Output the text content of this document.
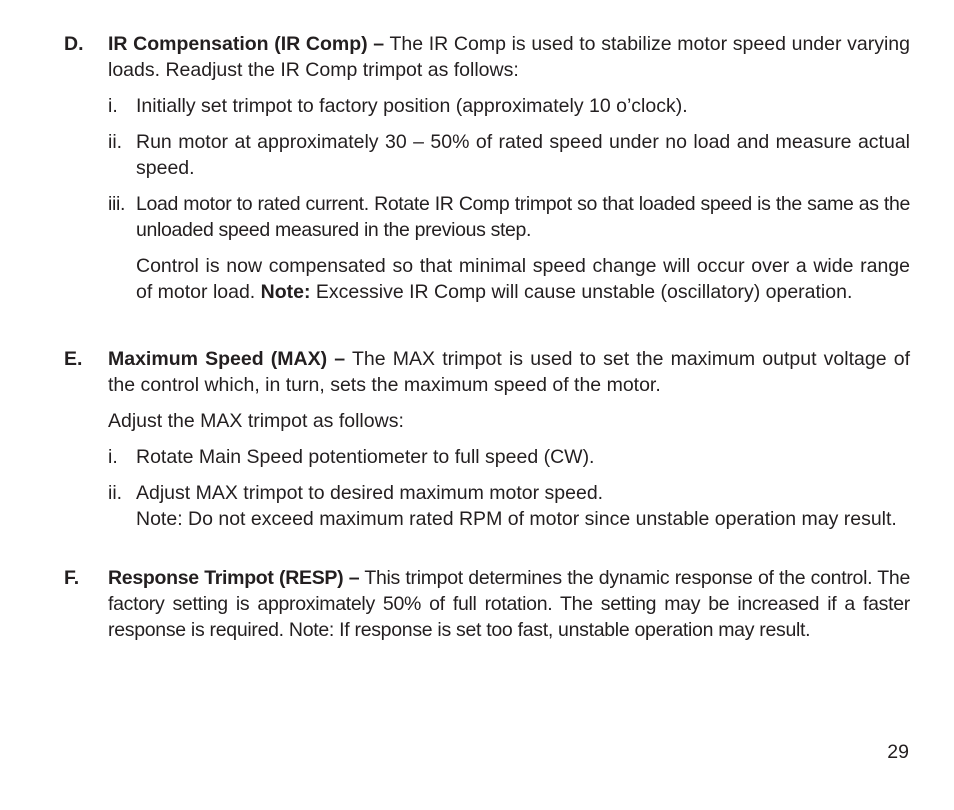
D.	IR Compensation (IR Comp) – The IR Comp is used to stabilize motor speed under varying loads. Readjust the IR Comp trimpot as follows:

i. Initially set trimpot to factory position (approximately 10 o’clock).
ii. Run motor at approximately 30 – 50% of rated speed under no load and measure actual speed.
iii. Load motor to rated current. Rotate IR Comp trimpot so that loaded speed is the same as the unloaded speed measured in the previous step.

Control is now compensated so that minimal speed change will occur over a wide range of motor load. Note: Excessive IR Comp will cause unstable (oscillatory) operation.

E.	Maximum Speed (MAX) – The MAX trimpot is used to set the maximum output voltage of the control which, in turn, sets the maximum speed of the motor.

Adjust the MAX trimpot as follows:

i. Rotate Main Speed potentiometer to full speed (CW).
ii. Adjust MAX trimpot to desired maximum motor speed.

Note: Do not exceed maximum rated RPM of motor since unstable operation may result.

F.	Response Trimpot (RESP) – This trimpot determines the dynamic response of the control. The factory setting is approximately 50% of full rotation. The setting may be increased if a faster response is required. Note: If response is set too fast, unstable operation may result.

29
